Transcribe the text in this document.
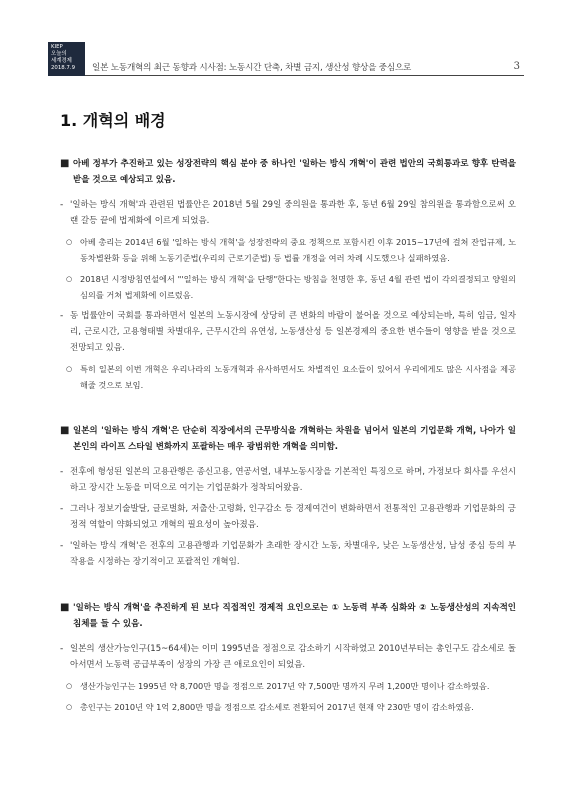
KIEP
오늘의
세계경제
2018.7.9	일본 노동개혁의 최근 동향과 시사점: 노동시간 단축, 차별 금지, 생산성 향상을 중심으로	3
1. 개혁의 배경
■ 아베 정부가 추진하고 있는 성장전략의 핵심 분야 중 하나인 '일하는 방식 개혁'이 관련 법안의 국회통과로 향후 탄력을 받을 것으로 예상되고 있음.
- '일하는 방식 개혁'과 관련된 법률안은 2018년 5월 29일 중의원을 통과한 후, 동년 6월 29일 참의원을 통과함으로써 오랜 갈등 끝에 법제화에 이르게 되었음.
○ 아베 총리는 2014년 6월 '일하는 방식 개혁'을 성장전략의 중요 정책으로 포함시킨 이후 2015~17년에 걸쳐 잔업규제, 노동차별완화 등을 위해 노동기준법(우리의 근로기준법) 등 법률 개정을 여러 차례 시도했으나 실패하였음.
○ 2018년 시정방침연설에서 "'일하는 방식 개혁'을 단행"한다는 방침을 천명한 후, 동년 4월 관련 법이 각의결정되고 양원의 심의를 거쳐 법제화에 이르렀음.
- 동 법률안이 국회를 통과하면서 일본의 노동시장에 상당히 큰 변화의 바람이 불어올 것으로 예상되는바, 특히 임금, 일자리, 근로시간, 고용형태별 차별대우, 근무시간의 유연성, 노동생산성 등 일본경제의 중요한 변수들이 영향을 받을 것으로 전망되고 있음.
○ 특히 일본의 이번 개혁은 우리나라의 노동개혁과 유사하면서도 차별적인 요소들이 있어서 우리에게도 많은 시사점을 제공해줄 것으로 보임.
■ 일본의 '일하는 방식 개혁'은 단순히 직장에서의 근무방식을 개혁하는 차원을 넘어서 일본의 기업문화 개혁, 나아가 일본인의 라이프 스타일 변화까지 포괄하는 매우 광범위한 개혁을 의미함.
- 전후에 형성된 일본의 고용관행은 종신고용, 연공서열, 내부노동시장을 기본적인 특징으로 하며, 가정보다 회사를 우선시하고 장시간 노동을 미덕으로 여기는 기업문화가 정착되어왔음.
- 그러나 정보기술발달, 글로벌화, 저출산·고령화, 인구감소 등 경제여건이 변화하면서 전통적인 고용관행과 기업문화의 긍정적 역할이 약화되었고 개혁의 필요성이 높아졌음.
- '일하는 방식 개혁'은 전후의 고용관행과 기업문화가 초래한 장시간 노동, 차별대우, 낮은 노동생산성, 남성 중심 등의 부작용을 시정하는 장기적이고 포괄적인 개혁임.
■ '일하는 방식 개혁'을 추진하게 된 보다 직접적인 경제적 요인으로는 ① 노동력 부족 심화와 ② 노동생산성의 지속적인 침체를 들 수 있음.
- 일본의 생산가능인구(15~64세)는 이미 1995년을 정점으로 감소하기 시작하였고 2010년부터는 총인구도 감소세로 돌아서면서 노동력 공급부족이 성장의 가장 큰 애로요인이 되었음.
○ 생산가능인구는 1995년 약 8,700만 명을 정점으로 2017년 약 7,500만 명까지 무려 1,200만 명이나 감소하였음.
○ 총인구는 2010년 약 1억 2,800만 명을 정점으로 감소세로 전환되어 2017년 현재 약 230만 명이 감소하였음.
